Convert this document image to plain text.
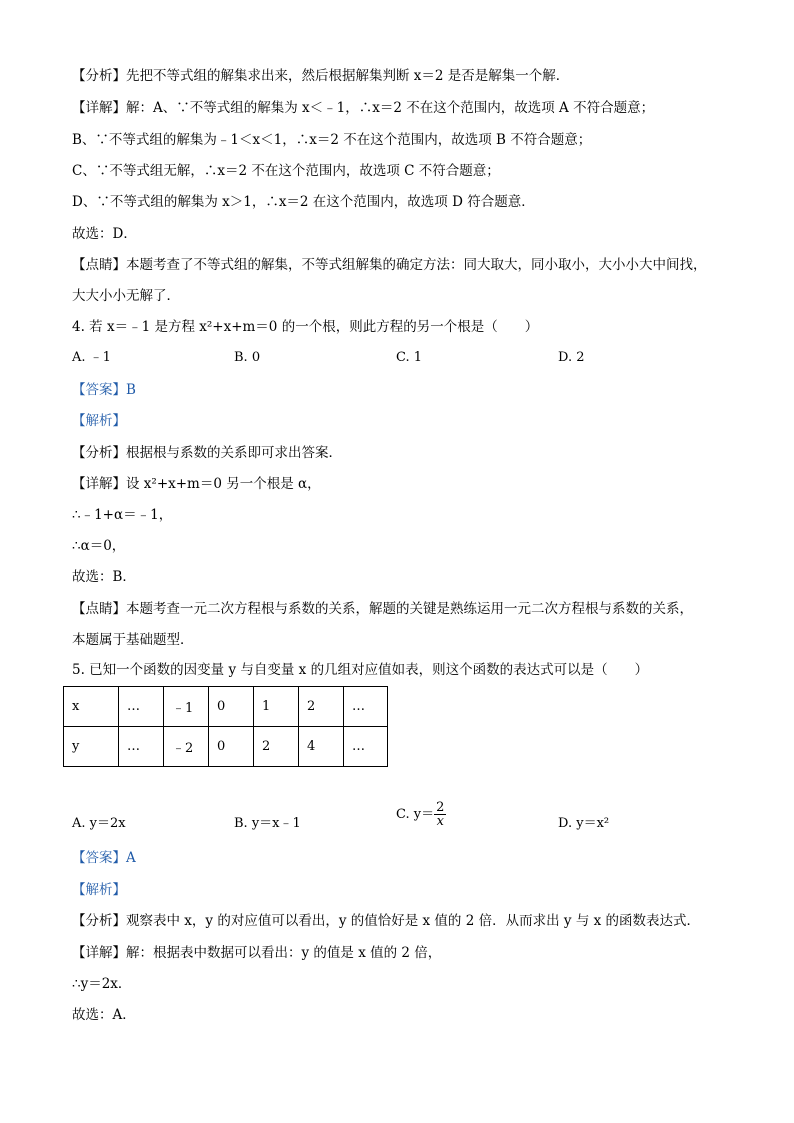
【分析】先把不等式组的解集求出来，然后根据解集判断 x＝2 是否是解集一个解．
【详解】解：A、∵不等式组的解集为 x＜﹣1，∴x＝2 不在这个范围内，故选项 A 不符合题意；
B、∵不等式组的解集为﹣1＜x＜1，∴x＝2 不在这个范围内，故选项 B 不符合题意；
C、∵不等式组无解，∴x＝2 不在这个范围内，故选项 C 不符合题意；
D、∵不等式组的解集为 x＞1，∴x＝2 在这个范围内，故选项 D 符合题意．
故选：D．
【点睛】本题考查了不等式组的解集，不等式组解集的确定方法：同大取大，同小取小，大小小大中间找，
大大小小无解了．
4. 若 x＝﹣1 是方程 x²+x+m＝0 的一个根，则此方程的另一个根是（　　）
A. ﹣1	B. 0	C. 1	D. 2
【答案】B
【解析】
【分析】根据根与系数的关系即可求出答案．
【详解】设 x²+x+m＝0 另一个根是 α，
∴﹣1+α＝﹣1，
∴α＝0，
故选：B．
【点睛】本题考查一元二次方程根与系数的关系，解题的关键是熟练运用一元二次方程根与系数的关系，
本题属于基础题型．
5. 已知一个函数的因变量 y 与自变量 x 的几组对应值如表，则这个函数的表达式可以是（　　）
x	…	﹣1	0	1	2	…
y	…	﹣2	0	2	4	…
A. y＝2x	B. y＝x﹣1
C. $y= \frac{2}{x}$	D. y＝x²
【答案】A
【解析】
【分析】观察表中 x，y 的对应值可以看出，y 的值恰好是 x 值的 2 倍．从而求出 y 与 x 的函数表达式．
【详解】解：根据表中数据可以看出：y 的值是 x 值的 2 倍，
∴y＝2x．
故选：A．
